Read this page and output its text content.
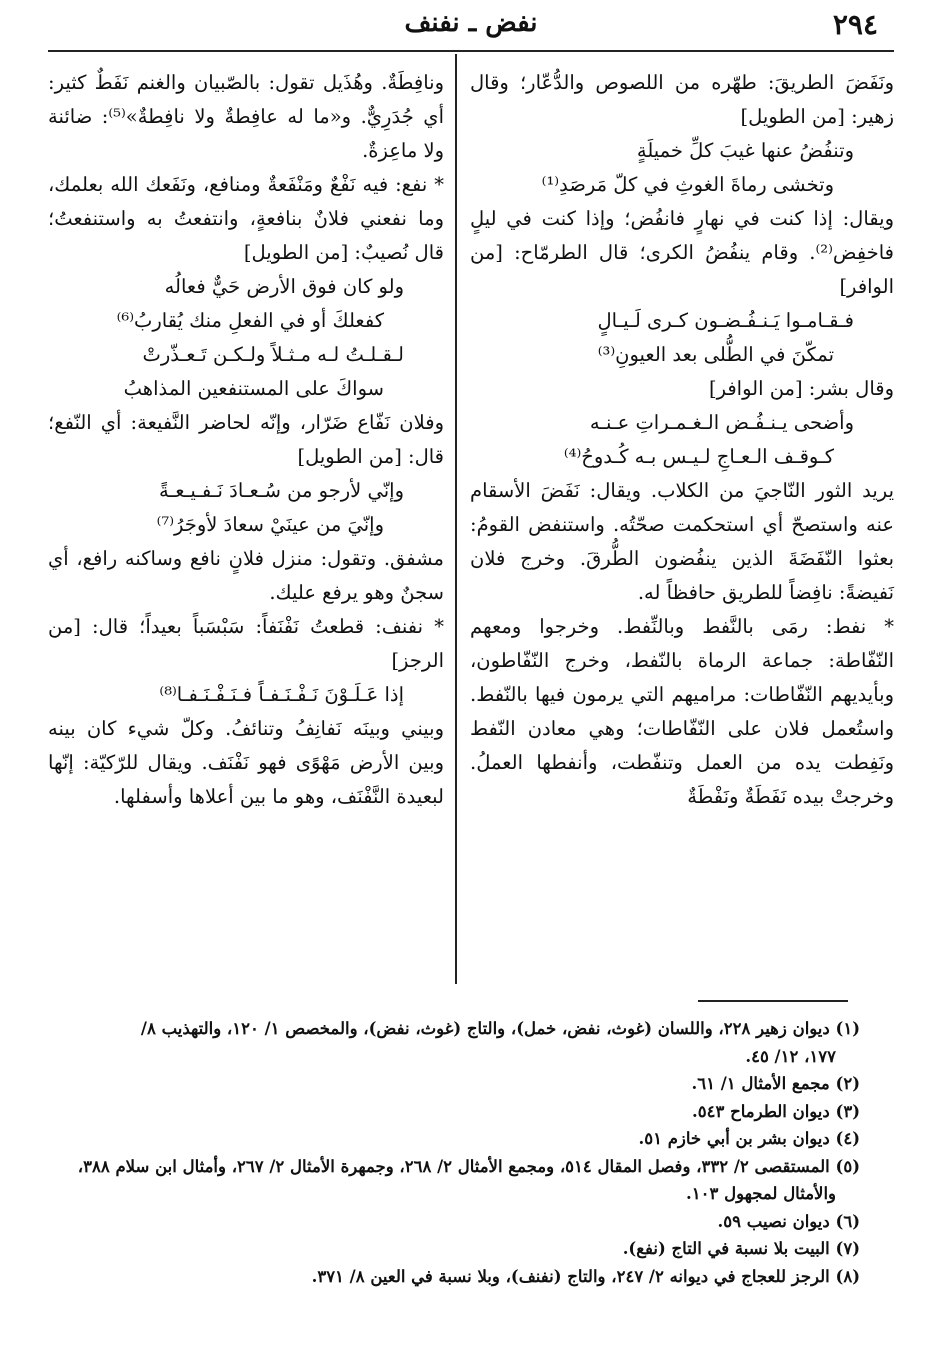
٢٩٤
نفض ـ نفنف

ونَفَضَ الطريقَ: طهّره من اللصوص والدُّعّار؛ وقال زهير: [من الطويل]

وتنفُضُ عنها غيبَ كلِّ خميلَةٍ
وتخشى رماةَ الغوثِ في كلّ مَرصَدِ⁽¹⁾

ويقال: إذا كنت في نهارٍ فانفُض؛ وإذا كنت في ليلٍ فاخفِض⁽²⁾. وقام ينفُضُ الكرى؛ قال الطرمّاح: [من الوافر]

فـقـامـوا يَـنـفُـضـون كـرى لَـيـالٍ
تمكّنَ في الطُّلى بعد العيونِ⁽³⁾

وقال بشر: [من الوافر]

وأضحى يـنـفُـض الـغـمـراتِ عـنـه
كـوقـف الـعـاجِ لـيـس بـه كُـدوحُ⁽⁴⁾

يريد الثور النّاجيَ من الكلاب. ويقال: نَفَضَ الأسقام عنه واستصحّ أي استحكمت صحّتُه. واستنفض القومُ: بعثوا النّفَضَةَ الذين ينفُضون الطُّرقَ. وخرج فلان نَفيضةً: نافِضاً للطريق حافظاً له.

* نفط: رمَى بالنَّفط وبالنِّفط. وخرجوا ومعهم النّفّاطة: جماعة الرماة بالنّفط، وخرج النّفّاطون، وبأيديهم النّفّاطات: مراميهم التي يرمون فيها بالنّفط. واستُعمل فلان على النّفّاطات؛ وهي معادن النّفط ونَفِطت يده من العمل وتنفّطت، وأنفطها العملُ. وخرجتْ بيده نَفَطَةٌ ونَفْطَةٌ

ونافِطَةٌ. وهُذَيل تقول: بالصّبيان والغنم نَفَطٌ كثير: أي جُدَرِيٌّ. و«ما له عافِطةٌ ولا نافِطةٌ»⁽⁵⁾: ضائنة ولا ماعِزةٌ.

* نفع: فيه نَفْعٌ ومَنْفَعةٌ ومنافع، ونَفَعك الله بعلمك، وما نفعني فلانٌ بنافعةٍ، وانتفعتُ به واستنفعتُ؛ قال نُصيبٌ: [من الطويل]

ولو كان فوق الأرض حَيٌّ فعالُه
كفعلكَ أو في الفعلِ منك يُقاربُ⁽⁶⁾
لـقـلـتُ لـه مـثـلاً ولـكـن تَـعـذّرتْ
سواكَ على المستنفعين المذاهبُ

وفلان نَفّاع ضَرّار، وإنّه لحاضر النَّفيعة: أي النّفع؛ قال: [من الطويل]

وإنّي لأرجو من سُـعـادَ نَـفـيـعـةً
وإنّيَ من عينَيْ سعادَ لأوجَرُ⁽⁷⁾

مشفق. وتقول: منزل فلانٍ نافع وساكنه رافع، أي سجنٌ وهو يرفع عليك.

* نفنف: قطعتُ نَفْنَفاً: سَبْسَباً بعيداً؛ قال: [من الرجز]

إذا عَـلَـوْنَ نَـفْـنَـفـاً فـنَـفْـنَـفـا⁽⁸⁾

وبيني وبينَه نَفانِفُ وتنائفُ. وكلّ شيء كان بينه وبين الأرض مَهْوًى فهو نَفْنَف. ويقال للرّكيّة: إنّها لبعيدة النَّفْنَف، وهو ما بين أعلاها وأسفلها.

(١) ديوان زهير ٢٢٨، واللسان (غوث، نفض، خمل)، والتاج (غوث، نفض)، والمخصص ١/ ١٢٠، والتهذيب ٨/
١٧٧، ١٢/ ٤٥.
(٢) مجمع الأمثال ١/ ٦١.
(٣) ديوان الطرماح ٥٤٣.
(٤) ديوان بشر بن أبي خازم ٥١.
(٥) المستقصى ٢/ ٣٣٢، وفصل المقال ٥١٤، ومجمع الأمثال ٢/ ٢٦٨، وجمهرة الأمثال ٢/ ٢٦٧، وأمثال ابن سلام ٣٨٨،
والأمثال لمجهول ١٠٣.
(٦) ديوان نصيب ٥٩.
(٧) البيت بلا نسبة في التاج (نفع).
(٨) الرجز للعجاج في ديوانه ٢/ ٢٤٧، والتاج (نفنف)، وبلا نسبة في العين ٨/ ٣٧١.
